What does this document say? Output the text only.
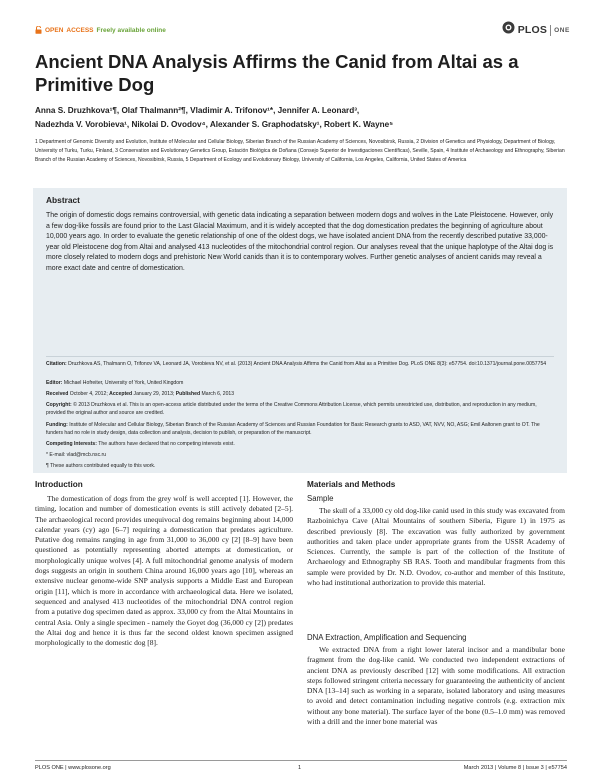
OPEN ACCESS Freely available online	PLOS ONE
Ancient DNA Analysis Affirms the Canid from Altai as a Primitive Dog
Anna S. Druzhkova¹¶, Olaf Thalmann²¶, Vladimir A. Trifonov¹*, Jennifer A. Leonard³,
Nadezhda V. Vorobieva¹, Nikolai D. Ovodov⁴, Alexander S. Graphodatsky¹, Robert K. Wayne⁵
1 Department of Genomic Diversity and Evolution, Institute of Molecular and Cellular Biology, Siberian Branch of the Russian Academy of Sciences, Novosibirsk, Russia, 2 Division of Genetics and Physiology, Department of Biology, University of Turku, Turku, Finland, 3 Conservation and Evolutionary Genetics Group, Estación Biológica de Doñana (Consejo Superior de Investigaciones Científicas), Seville, Spain, 4 Institute of Archaeology and Ethnography, Siberian Branch of the Russian Academy of Sciences, Novosibirsk, Russia, 5 Department of Ecology and Evolutionary Biology, University of California, Los Angeles, California, United States of America
Abstract
The origin of domestic dogs remains controversial, with genetic data indicating a separation between modern dogs and wolves in the Late Pleistocene. However, only a few dog-like fossils are found prior to the Last Glacial Maximum, and it is widely accepted that the dog domestication predates the beginning of agriculture about 10,000 years ago. In order to evaluate the genetic relationship of one of the oldest dogs, we have isolated ancient DNA from the recently described putative 33,000-year old Pleistocene dog from Altai and analysed 413 nucleotides of the mitochondrial control region. Our analyses reveal that the unique haplotype of the Altai dog is more closely related to modern dogs and prehistoric New World canids than it is to contemporary wolves. Further genetic analyses of ancient canids may reveal a more exact date and centre of domestication.
Citation: Druzhkova AS, Thalmann O, Trifonov VA, Leonard JA, Vorobieva NV, et al. (2013) Ancient DNA Analysis Affirms the Canid from Altai as a Primitive Dog. PLoS ONE 8(3): e57754. doi:10.1371/journal.pone.0057754
Editor: Michael Hofreiter, University of York, United Kingdom
Received October 4, 2012; Accepted January 29, 2013; Published March 6, 2013
Copyright: © 2013 Druzhkova et al. This is an open-access article distributed under the terms of the Creative Commons Attribution License, which permits unrestricted use, distribution, and reproduction in any medium, provided the original author and source are credited.
Funding: Institute of Molecular and Cellular Biology, Siberian Branch of the Russian Academy of Sciences and Russian Foundation for Basic Research grants to ASD, VAT, NVV, NO, ASG; Emil Aaltonen grant to OT. The funders had no role in study design, data collection and analysis, decision to publish, or preparation of the manuscript.
Competing Interests: The authors have declared that no competing interests exist.
* E-mail: vlad@mcb.nsc.ru
¶ These authors contributed equally to this work.
Introduction

The domestication of dogs from the grey wolf is well accepted [1]. However, the timing, location and number of domestication events is still actively debated [2–5]. The archaeological record provides unequivocal dog remains beginning about 14,000 calendar years (cy) ago [6–7] requiring a domestication that predates agriculture. Putative dog remains ranging in age from 31,000 to 36,000 cy [2] [8–9] have been questioned as potentially representing aborted attempts at domestication, or morphologically unique wolves [4]. A full mitochondrial genome analysis of modern dogs suggests an origin in southern China around 16,000 years ago [10], whereas an extensive nuclear genome-wide SNP analysis supports a Middle East and European origin [11], which is more in accordance with archaeological data. Here we isolated, sequenced and analysed 413 nucleotides of the mitochondrial DNA control region from a putative dog specimen dated as approx. 33,000 cy from the Altai Mountains in central Asia. Only a single specimen - namely the Goyet dog (36,000 cy [2]) predates the Altai dog and hence it is thus far the second oldest known specimen assigned morphologically to the domestic dog [8].

Materials and Methods
Sample

The skull of a 33,000 cy old dog-like canid used in this study was excavated from Razboinichya Cave (Altai Mountains of southern Siberia, Figure 1) in 1975 as described previously [8]. The excavation was fully authorized by government authorities and taken place under appropriate grants from the USSR Academy of Sciences. Currently, the sample is part of the collection of the Institute of Archaeology and Ethnography SB RAS. Tooth and mandibular fragments from this sample were provided by Dr. N.D. Ovodov, co-author and member of this Institute, who had institutional authorization to provide this material.

DNA Extraction, Amplification and Sequencing

We extracted DNA from a right lower lateral incisor and a mandibular bone fragment from the dog-like canid. We conducted two independent extractions of ancient DNA as previously described [12] with some modifications. All extraction steps followed stringent criteria necessary for guaranteeing the authenticity of ancient DNA [13–14] such as working in a separate, isolated laboratory and using measures to avoid and detect contamination including negative controls (e.g. extraction mix without any bone material). The surface layer of the bone (0.5–1.0 mm) was removed with a drill and the inner bone material was

PLOS ONE | www.plosone.org	1	March 2013 | Volume 8 | Issue 3 | e57754
